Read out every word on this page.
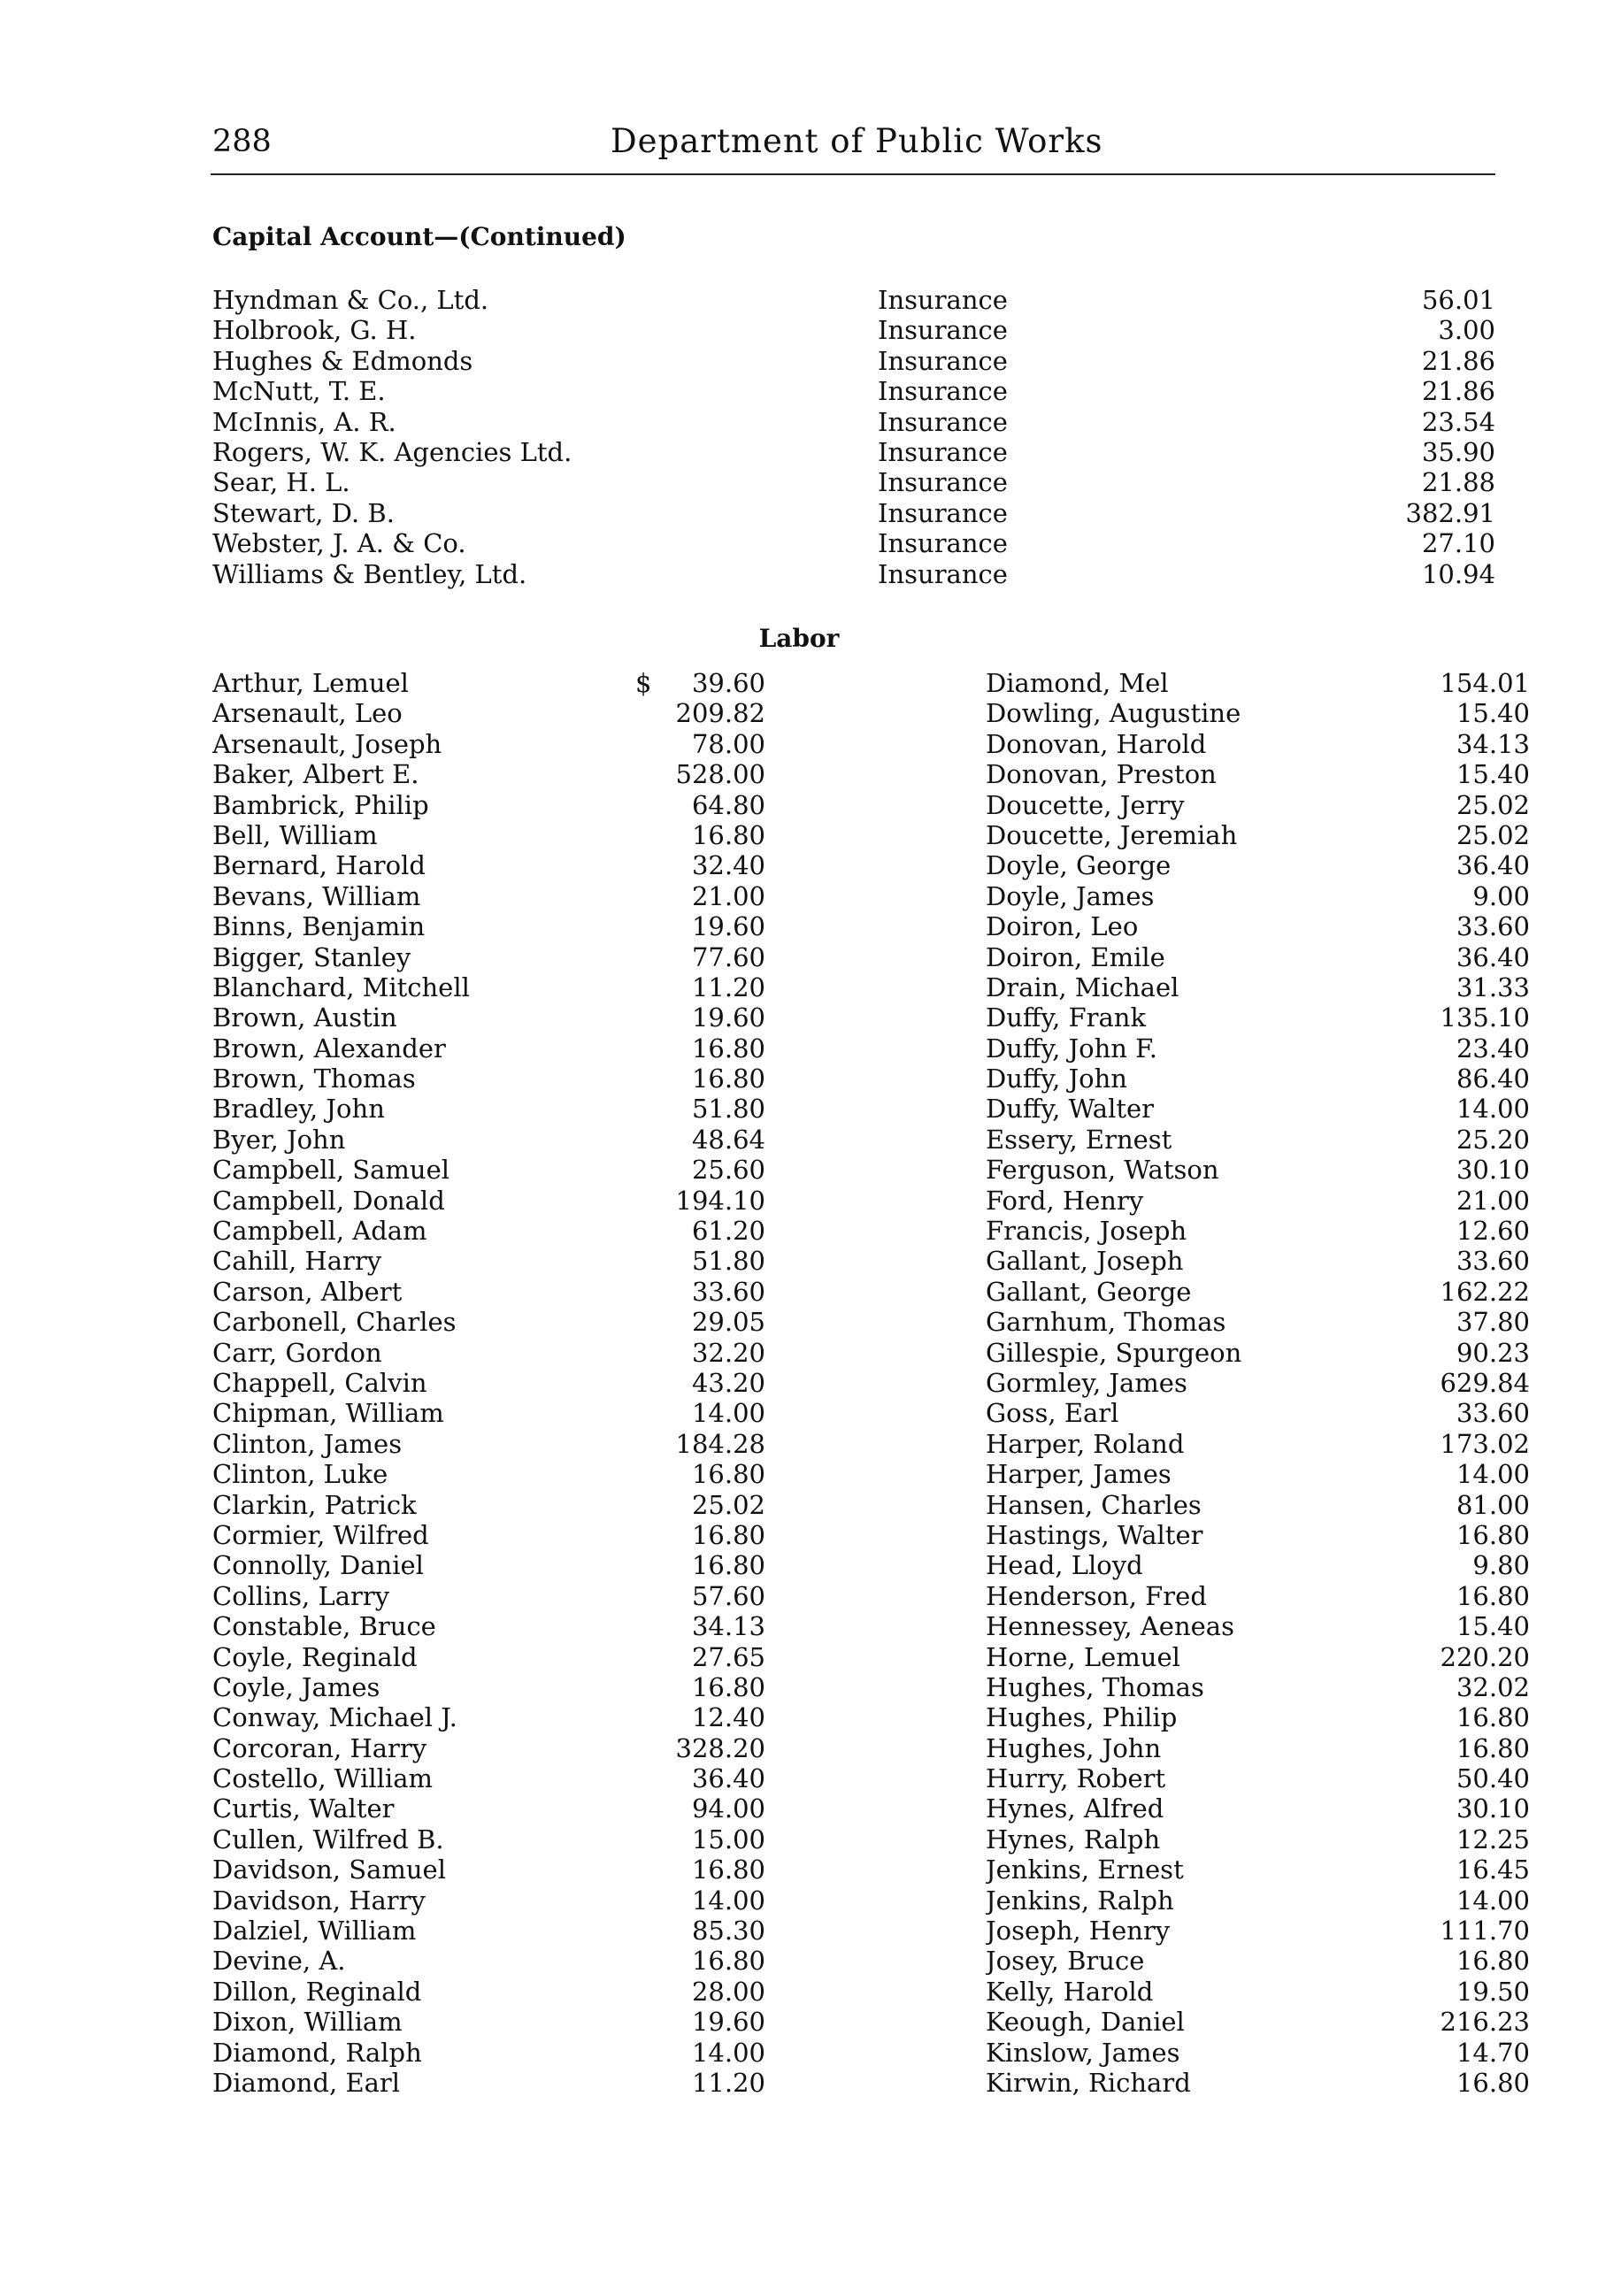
288	Department of Public Works
Capital Account—(Continued)
Hyndman & Co., Ltd. .....	Insurance .....	56.01
Holbrook, G. H. .....	Insurance .....	3.00
Hughes & Edmonds .....	Insurance .....	21.86
McNutt, T. E. .....	Insurance .....	21.86
McInnis, A. R. .....	Insurance .....	23.54
Rogers, W. K. Agencies Ltd. .....	Insurance .....	35.90
Sear, H. L. .....	Insurance .....	21.88
Stewart, D. B. .....	Insurance .....	382.91
Webster, J. A. & Co. .....	Insurance .....	27.10
Williams & Bentley, Ltd. .....	Insurance .....	10.94
Labor
Arthur, Lemuel .....	$	39.60
Arsenault, Leo .....	209.82
Arsenault, Joseph .....	78.00
Baker, Albert E. .....	528.00
Bambrick, Philip .....	64.80
Bell, William .....	16.80
Bernard, Harold .....	32.40
Bevans, William .....	21.00
Binns, Benjamin .....	19.60
Bigger, Stanley .....	77.60
Blanchard, Mitchell .....	11.20
Brown, Austin .....	19.60
Brown, Alexander .....	16.80
Brown, Thomas .....	16.80
Bradley, John .....	51.80
Byer, John .....	48.64
Campbell, Samuel .....	25.60
Campbell, Donald .....	194.10
Campbell, Adam .....	61.20
Cahill, Harry .....	51.80
Carson, Albert .....	33.60
Carbonell, Charles .....	29.05
Carr, Gordon .....	32.20
Chappell, Calvin .....	43.20
Chipman, William .....	14.00
Clinton, James .....	184.28
Clinton, Luke .....	16.80
Clarkin, Patrick .....	25.02
Cormier, Wilfred .....	16.80
Connolly, Daniel .....	16.80
Collins, Larry .....	57.60
Constable, Bruce .....	34.13
Coyle, Reginald .....	27.65
Coyle, James .....	16.80
Conway, Michael J. .....	12.40
Corcoran, Harry .....	328.20
Costello, William .....	36.40
Curtis, Walter .....	94.00
Cullen, Wilfred B. .....	15.00
Davidson, Samuel .....	16.80
Davidson, Harry .....	14.00
Dalziel, William .....	85.30
Devine, A. .....	16.80
Dillon, Reginald .....	28.00
Dixon, William .....	19.60
Diamond, Ralph .....	14.00
Diamond, Earl .....	11.20
Diamond, Mel .....	154.01
Dowling, Augustine .....	15.40
Donovan, Harold .....	34.13
Donovan, Preston .....	15.40
Doucette, Jerry .....	25.02
Doucette, Jeremiah .....	25.02
Doyle, George .....	36.40
Doyle, James .....	9.00
Doiron, Leo .....	33.60
Doiron, Emile .....	36.40
Drain, Michael .....	31.33
Duffy, Frank .....	135.10
Duffy, John F. .....	23.40
Duffy, John .....	86.40
Duffy, Walter .....	14.00
Essery, Ernest .....	25.20
Ferguson, Watson .....	30.10
Ford, Henry .....	21.00
Francis, Joseph .....	12.60
Gallant, Joseph .....	33.60
Gallant, George .....	162.22
Garnhum, Thomas .....	37.80
Gillespie, Spurgeon .....	90.23
Gormley, James .....	629.84
Goss, Earl .....	33.60
Harper, Roland .....	173.02
Harper, James .....	14.00
Hansen, Charles .....	81.00
Hastings, Walter .....	16.80
Head, Lloyd .....	9.80
Henderson, Fred .....	16.80
Hennessey, Aeneas .....	15.40
Horne, Lemuel .....	220.20
Hughes, Thomas .....	32.02
Hughes, Philip .....	16.80
Hughes, John .....	16.80
Hurry, Robert .....	50.40
Hynes, Alfred .....	30.10
Hynes, Ralph .....	12.25
Jenkins, Ernest .....	16.45
Jenkins, Ralph .....	14.00
Joseph, Henry .....	111.70
Josey, Bruce .....	16.80
Kelly, Harold .....	19.50
Keough, Daniel .....	216.23
Kinslow, James .....	14.70
Kirwin, Richard .....	16.80
